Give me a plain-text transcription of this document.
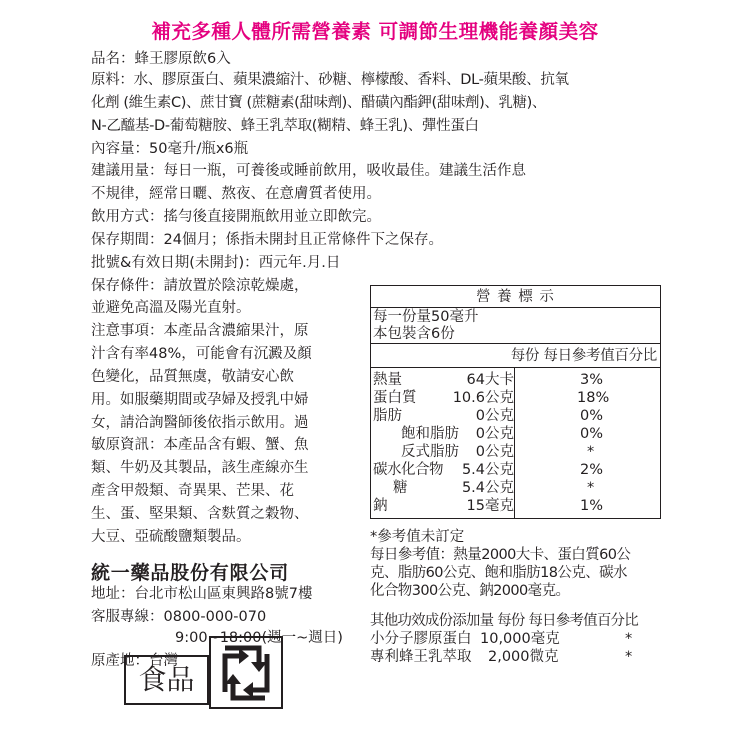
補充多種人體所需營養素 可調節生理機能養顏美容
品名：蜂王膠原飲6入
原料：水、膠原蛋白、蘋果濃縮汁、砂糖、檸檬酸、香料、DL-蘋果酸、抗氧
化劑 (維生素C)、蔗甘寶 (蔗糖素(甜味劑)、醋磺內酯鉀(甜味劑)、乳糖)、
N-乙醯基-D-葡萄糖胺、蜂王乳萃取(糊精、蜂王乳)、彈性蛋白
內容量：50毫升/瓶x6瓶
建議用量：每日一瓶，可養後或睡前飲用，吸收最佳。建議生活作息
不規律，經常日曬、熬夜、在意膚質者使用。
飲用方式：搖勻後直接開瓶飲用並立即飲完。
保存期間：24個月；係指未開封且正常條件下之保存。
批號&有效日期(未開封)：西元年.月.日
保存條件：請放置於陰涼乾燥處，
並避免高溫及陽光直射。
注意事項：本產品含濃縮果汁，原
汁含有率48%，可能會有沉澱及顏
色變化，品質無虞，敬請安心飲
用。如服藥期間或孕婦及授乳中婦
女，請洽詢醫師後依指示飲用。過
敏原資訊：本產品含有蝦、蟹、魚
類、牛奶及其製品，該生產線亦生
產含甲殼類、奇異果、芒果、花
生、蛋、堅果類、含麩質之穀物、
大豆、亞硫酸鹽類製品。
統一藥品股份有限公司
地址：台北市松山區東興路8號7樓
客服專線：0800-000-070
9:00~18:00(週一~週日)
原產地：台灣
食品
營 養 標 示
每一份量50毫升
本包裝含6份
每份 每日參考值百分比
熱量	64大卡	3%
蛋白質 10.6公克	18%
脂肪	0公克	0%
飽和脂肪 0公克	0%
反式脂肪 0公克	*
碳水化合物 5.4公克	2%
糖	5.4公克	*
鈉	15毫克	1%
*參考值未訂定
每日參考值：熱量2000大卡、蛋白質60公
克、脂肪60公克、飽和脂肪18公克、碳水
化合物300公克、鈉2000毫克。
其他功效成份添加量 每份 每日參考值百分比
小分子膠原蛋白 10,000毫克	*
專利蜂王乳萃取 2,000微克	*
